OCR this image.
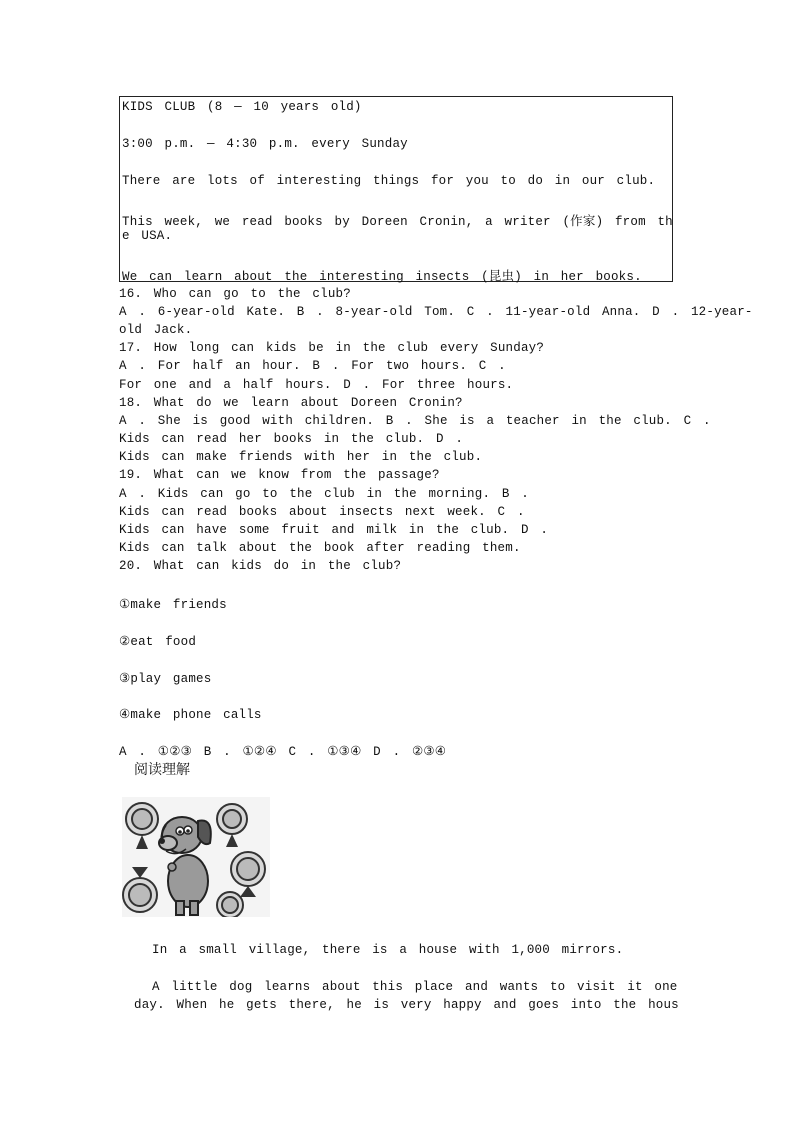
KIDS CLUB (8 — 10 years old)
3:00 p.m. — 4:30 p.m. every Sunday
There are lots of interesting things for you to do in our club.
This week, we read books by Doreen Cronin, a writer (作家) from th
e USA.
We can learn about the interesting insects (昆虫) in her books.
16. Who can go to the club?
A . 6-year-old Kate. B . 8-year-old Tom. C . 11-year-old Anna. D . 12-year-
old Jack.
17. How long can kids be in the club every Sunday?
A . For half an hour. B . For two hours. C .
For one and a half hours. D . For three hours.
18. What do we learn about Doreen Cronin?
A . She is good with children. B . She is a teacher in the club. C .
Kids can read her books in the club. D .
Kids can make friends with her in the club.
19. What can we know from the passage?
A . Kids can go to the club in the morning. B .
Kids can read books about insects next week. C .
Kids can have some fruit and milk in the club. D .
Kids can talk about the book after reading them.
20. What can kids do in the club?
①make friends
②eat food
③play games
④make phone calls
A . ①②③ B . ①②④ C . ①③④ D . ②③④
阅读理解
In a small village, there is a house with 1,000 mirrors.
A little dog learns about this place and wants to visit it one
day. When he gets there, he is very happy and goes into the hous
